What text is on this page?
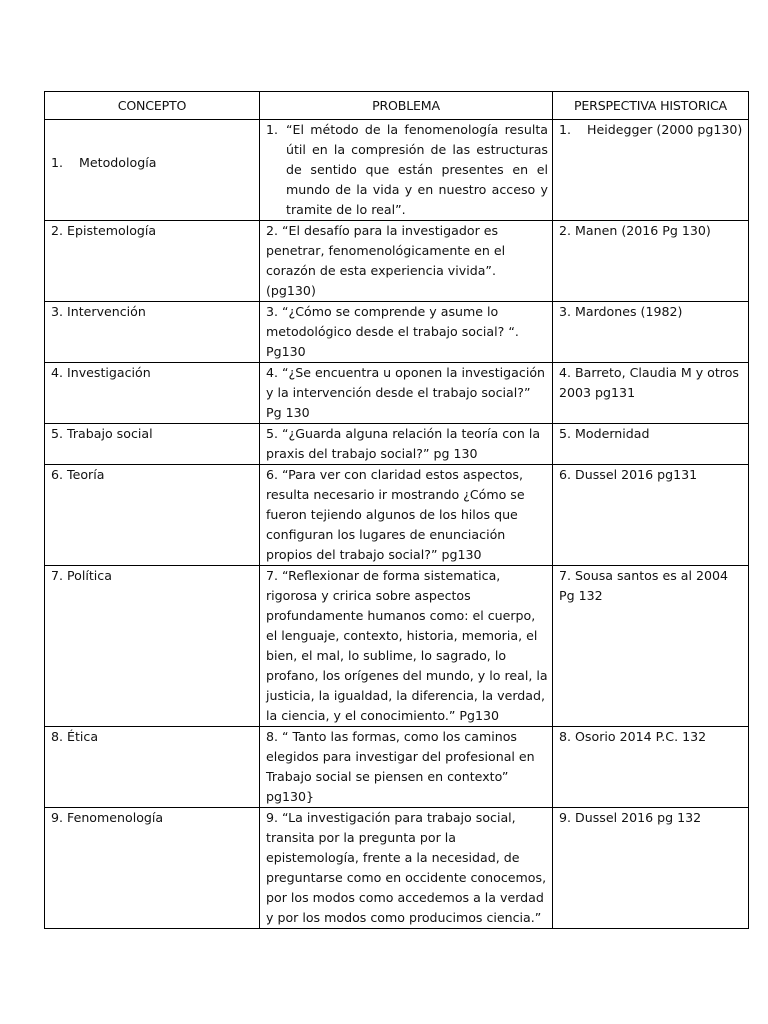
CONCEPTO	PROBLEMA	PERSPECTIVA HISTORICA
1. Metodología	1. “El método de la fenomenología resulta útil en la compresión de las estructuras de sentido que están presentes en el mundo de la vida y en nuestro acceso y tramite de lo real”.	1. Heidegger (2000 pg130)
2. Epistemología	2. “El desafío para la investigador es penetrar, fenomenológicamente en el corazón de esta experiencia vivida”. (pg130)	2. Manen (2016 Pg 130)
3. Intervención	3. “¿Cómo se comprende y asume lo metodológico desde el trabajo social? “. Pg130	3. Mardones (1982)
4. Investigación	4. “¿Se encuentra u oponen la investigación y la intervención desde el trabajo social?” Pg 130	4. Barreto, Claudia M y otros 2003 pg131
5. Trabajo social	5. “¿Guarda alguna relación la teoría con la praxis del trabajo social?” pg 130	5. Modernidad
6. Teoría	6. “Para ver con claridad estos aspectos, resulta necesario ir mostrando ¿Cómo se fueron tejiendo algunos de los hilos que configuran los lugares de enunciación propios del trabajo social?” pg130	6. Dussel 2016 pg131
7. Política	7. “Reflexionar de forma sistematica, rigorosa y cririca sobre aspectos profundamente humanos como: el cuerpo, el lenguaje, contexto, historia, memoria, el bien, el mal, lo sublime, lo sagrado, lo profano, los orígenes del mundo, y lo real, la justicia, la igualdad, la diferencia, la verdad, la ciencia, y el conocimiento.” Pg130	7. Sousa santos es al 2004 Pg 132
8. Ética	8. “ Tanto las formas, como los caminos elegidos para investigar del profesional en Trabajo social se piensen en contexto” pg130}	8. Osorio 2014 P.C. 132
9. Fenomenología	9. “La investigación para trabajo social, transita por la pregunta por la epistemología, frente a la necesidad, de preguntarse como en occidente conocemos, por los modos como accedemos a la verdad y por los modos como producimos ciencia.”	9. Dussel 2016 pg 132
